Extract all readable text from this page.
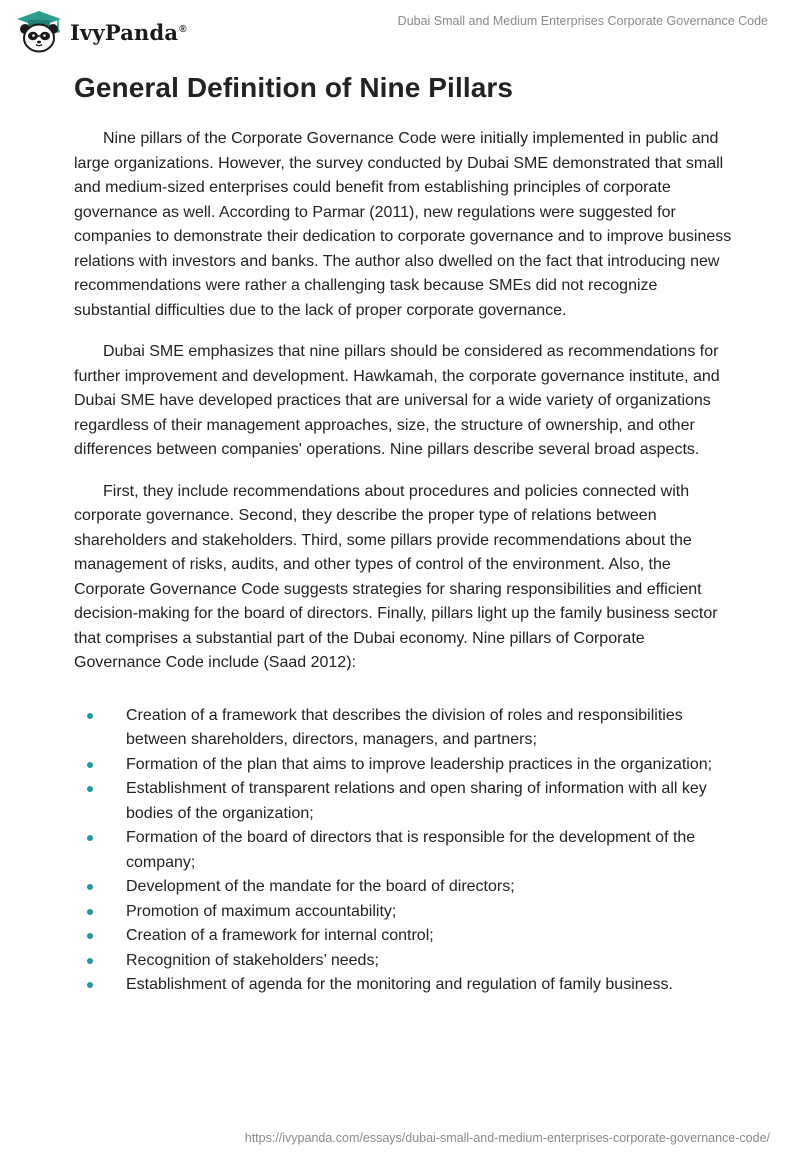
IvyPanda®
Dubai Small and Medium Enterprises Corporate Governance Code
General Definition of Nine Pillars

Nine pillars of the Corporate Governance Code were initially implemented in public and large organizations. However, the survey conducted by Dubai SME demonstrated that small and medium-sized enterprises could benefit from establishing principles of corporate governance as well. According to Parmar (2011), new regulations were suggested for companies to demonstrate their dedication to corporate governance and to improve business relations with investors and banks. The author also dwelled on the fact that introducing new recommendations were rather a challenging task because SMEs did not recognize substantial difficulties due to the lack of proper corporate governance.

Dubai SME emphasizes that nine pillars should be considered as recommendations for further improvement and development. Hawkamah, the corporate governance institute, and Dubai SME have developed practices that are universal for a wide variety of organizations regardless of their management approaches, size, the structure of ownership, and other differences between companies' operations. Nine pillars describe several broad aspects.

First, they include recommendations about procedures and policies connected with corporate governance. Second, they describe the proper type of relations between shareholders and stakeholders. Third, some pillars provide recommendations about the management of risks, audits, and other types of control of the environment. Also, the Corporate Governance Code suggests strategies for sharing responsibilities and efficient decision-making for the board of directors. Finally, pillars light up the family business sector that comprises a substantial part of the Dubai economy. Nine pillars of Corporate Governance Code include (Saad 2012):

Creation of a framework that describes the division of roles and responsibilities between shareholders, directors, managers, and partners;
Formation of the plan that aims to improve leadership practices in the organization;
Establishment of transparent relations and open sharing of information with all key bodies of the organization;
Formation of the board of directors that is responsible for the development of the company;
Development of the mandate for the board of directors;
Promotion of maximum accountability;
Creation of a framework for internal control;
Recognition of stakeholders’ needs;
Establishment of agenda for the monitoring and regulation of family business.
https://ivypanda.com/essays/dubai-small-and-medium-enterprises-corporate-governance-code/
